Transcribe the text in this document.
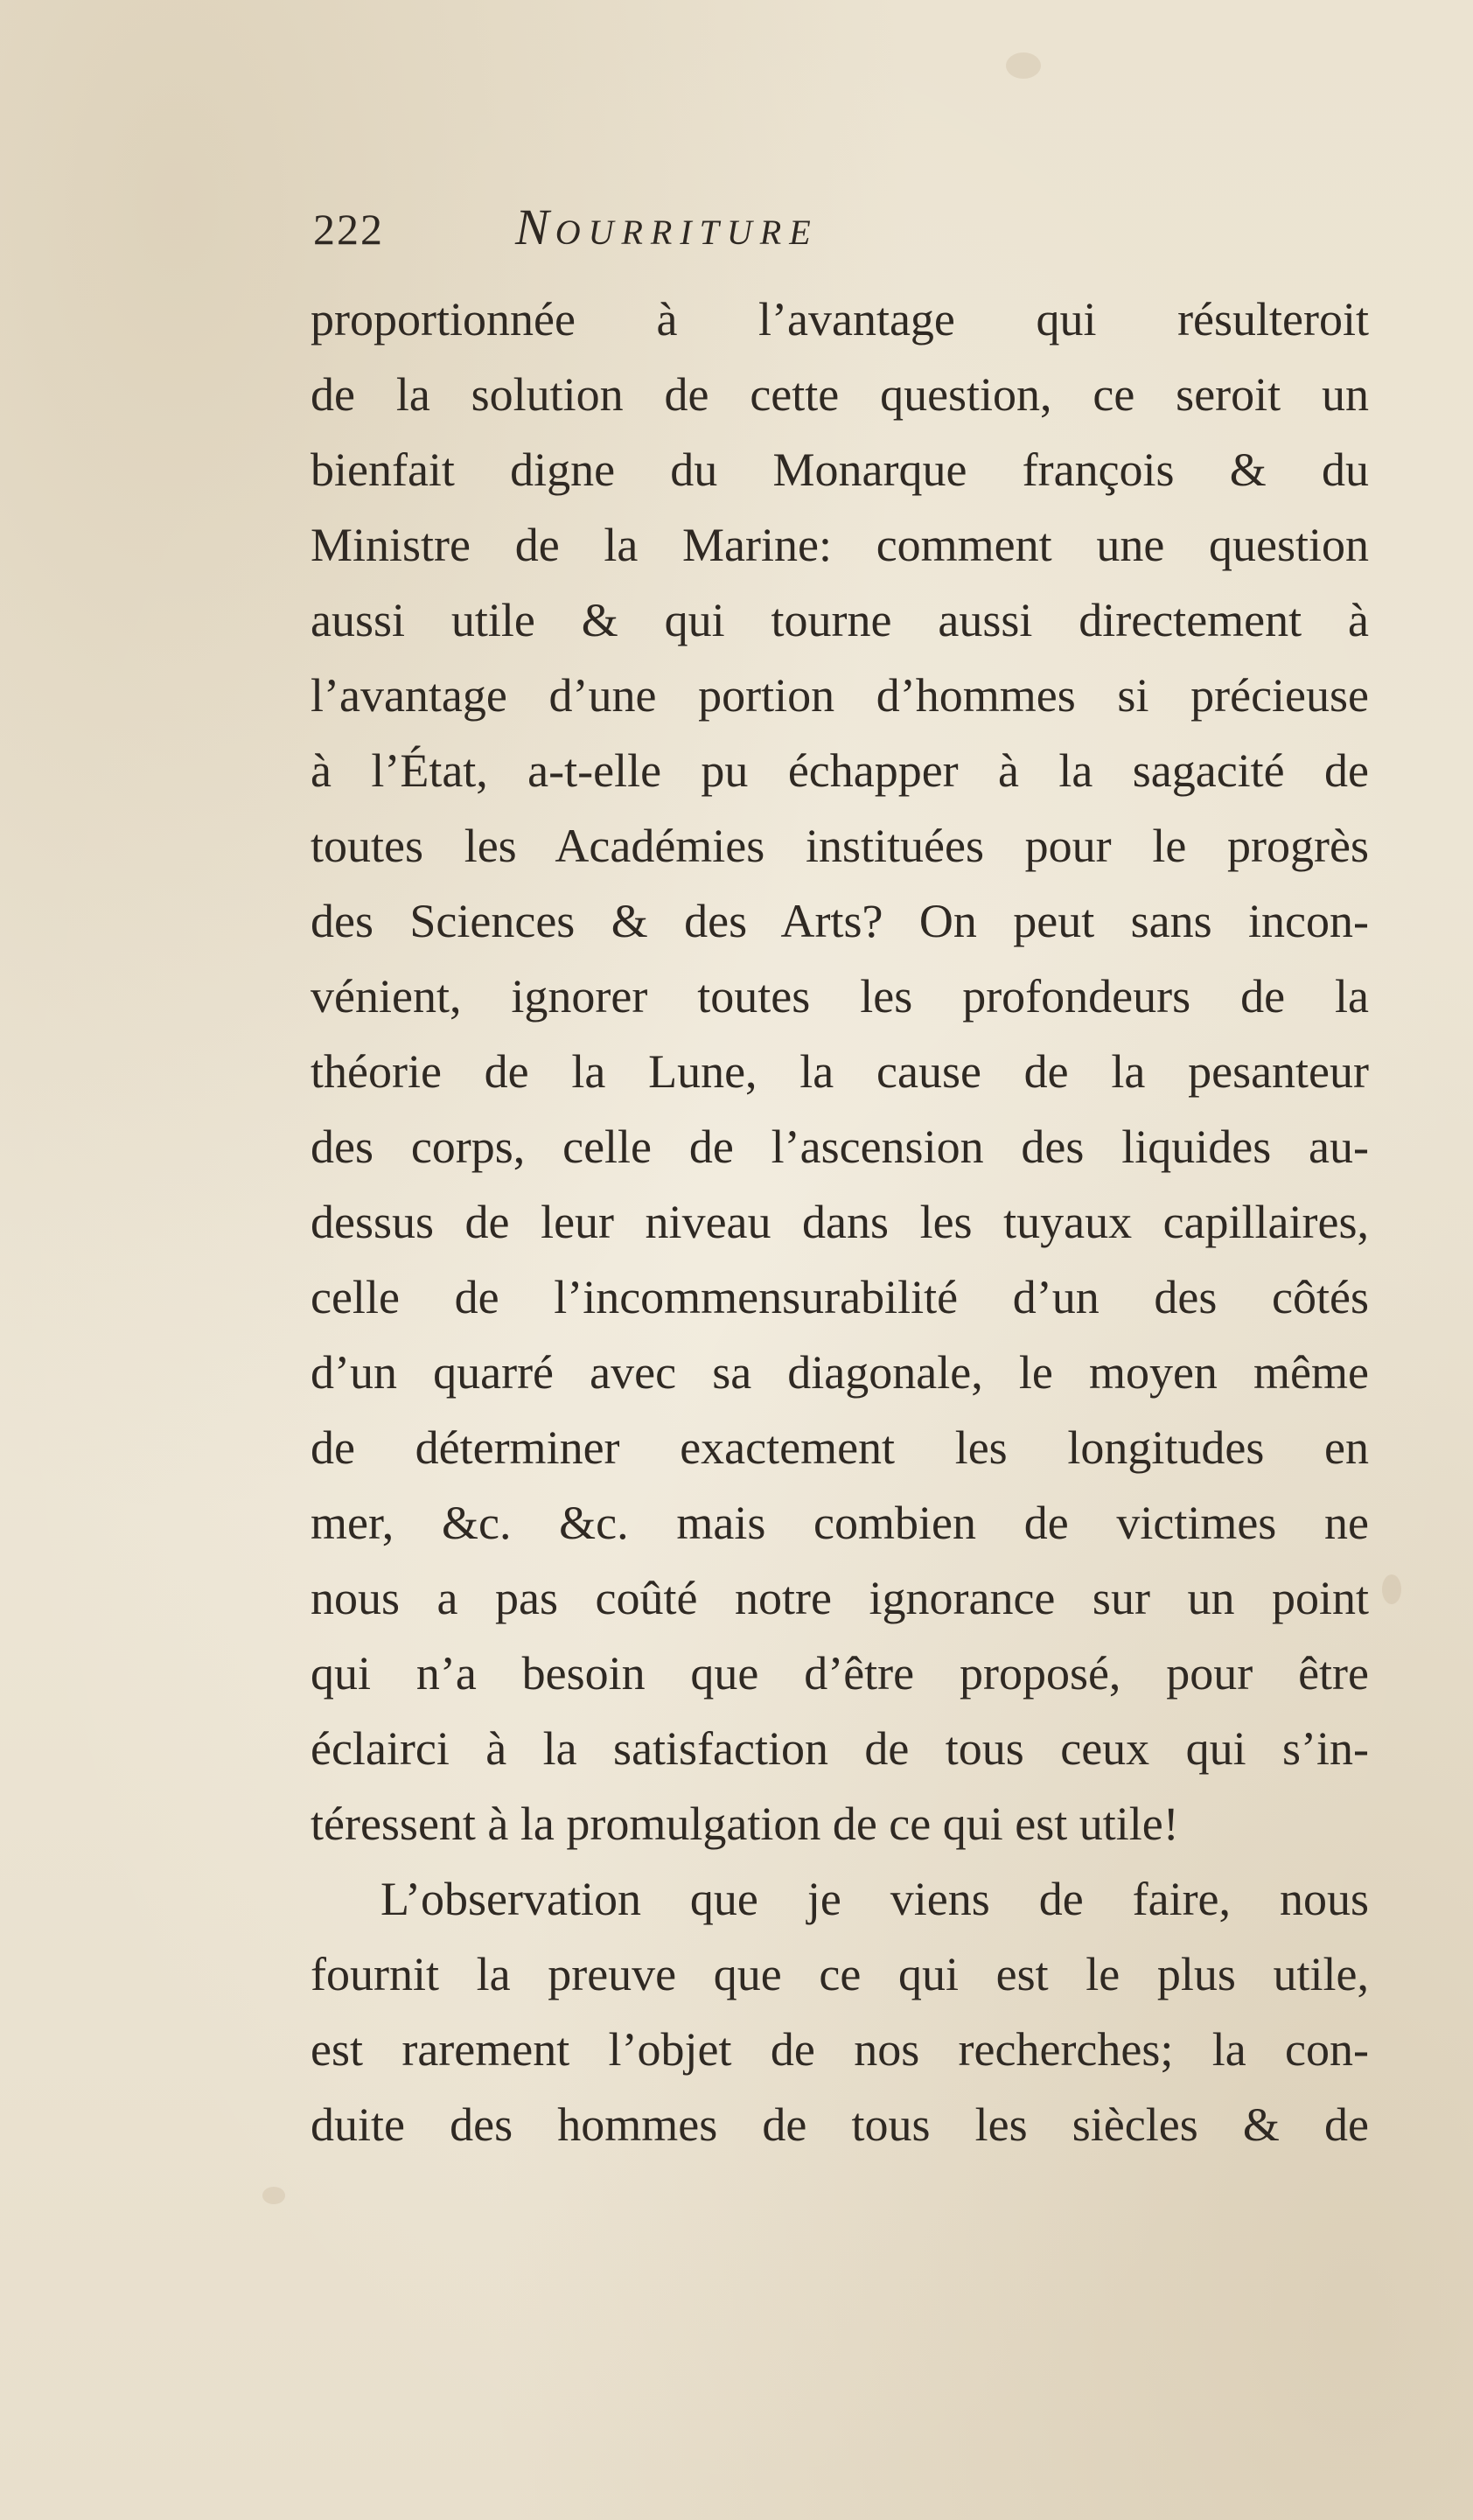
222	NOURRITURE
proportionnée à l’avantage qui résulteroit
de la solution de cette question, ce seroit un
bienfait digne du Monarque françois & du
Ministre de la Marine: comment une question
aussi utile & qui tourne aussi directement à
l’avantage d’une portion d’hommes si précieuse
à l’État, a-t-elle pu échapper à la sagacité de
toutes les Académies instituées pour le progrès
des Sciences & des Arts? On peut sans incon-
vénient, ignorer toutes les profondeurs de la
théorie de la Lune, la cause de la pesanteur
des corps, celle de l’ascension des liquides au-
dessus de leur niveau dans les tuyaux capillaires,
celle de l’incommensurabilité d’un des côtés
d’un quarré avec sa diagonale, le moyen même
de déterminer exactement les longitudes en
mer, &c. &c. mais combien de victimes ne
nous a pas coûté notre ignorance sur un point
qui n’a besoin que d’être proposé, pour être
éclairci à la satisfaction de tous ceux qui s’in-
téressent à la promulgation de ce qui est utile!
L’observation que je viens de faire, nous
fournit la preuve que ce qui est le plus utile,
est rarement l’objet de nos recherches; la con-
duite des hommes de tous les siècles & de
